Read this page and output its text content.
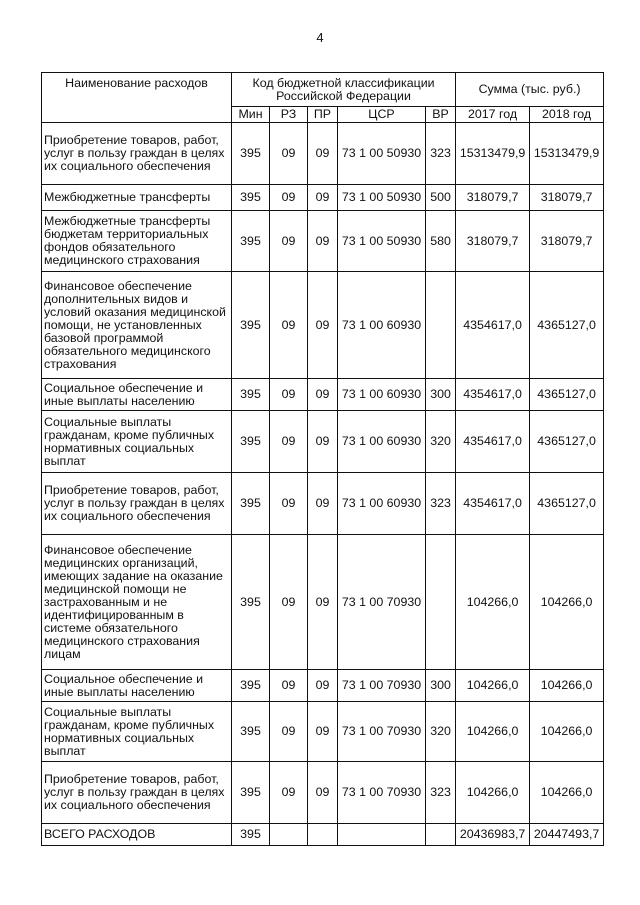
4
Наименование расходов	Код бюджетной классификации Российской Федерации					Сумма (тыс. руб.)	
	Мин	РЗ	ПР	ЦСР	ВР	2017 год	2018 год
Приобретение товаров, работ, услуг в пользу граждан в целях их социального обеспечения	395	09	09	73 1 00 50930	323	15313479,9	15313479,9
Межбюджетные трансферты	395	09	09	73 1 00 50930	500	318079,7	318079,7
Межбюджетные трансферты бюджетам территориальных фондов обязательного медицинского страхования	395	09	09	73 1 00 50930	580	318079,7	318079,7
Финансовое обеспечение дополнительных видов и условий оказания медицинской помощи, не установленных базовой программой обязательного медицинского страхования	395	09	09	73 1 00 60930		4354617,0	4365127,0
Социальное обеспечение и иные выплаты населению	395	09	09	73 1 00 60930	300	4354617,0	4365127,0
Социальные выплаты гражданам, кроме публичных нормативных социальных выплат	395	09	09	73 1 00 60930	320	4354617,0	4365127,0
Приобретение товаров, работ, услуг в пользу граждан в целях их социального обеспечения	395	09	09	73 1 00 60930	323	4354617,0	4365127,0
Финансовое обеспечение медицинских организаций, имеющих задание на оказание медицинской помощи не застрахованным и не идентифицированным в системе обязательного медицинского страхования лицам	395	09	09	73 1 00 70930		104266,0	104266,0
Социальное обеспечение и иные выплаты населению	395	09	09	73 1 00 70930	300	104266,0	104266,0
Социальные выплаты гражданам, кроме публичных нормативных социальных выплат	395	09	09	73 1 00 70930	320	104266,0	104266,0
Приобретение товаров, работ, услуг в пользу граждан в целях их социального обеспечения	395	09	09	73 1 00 70930	323	104266,0	104266,0
ВСЕГО РАСХОДОВ	395					20436983,7	20447493,7
